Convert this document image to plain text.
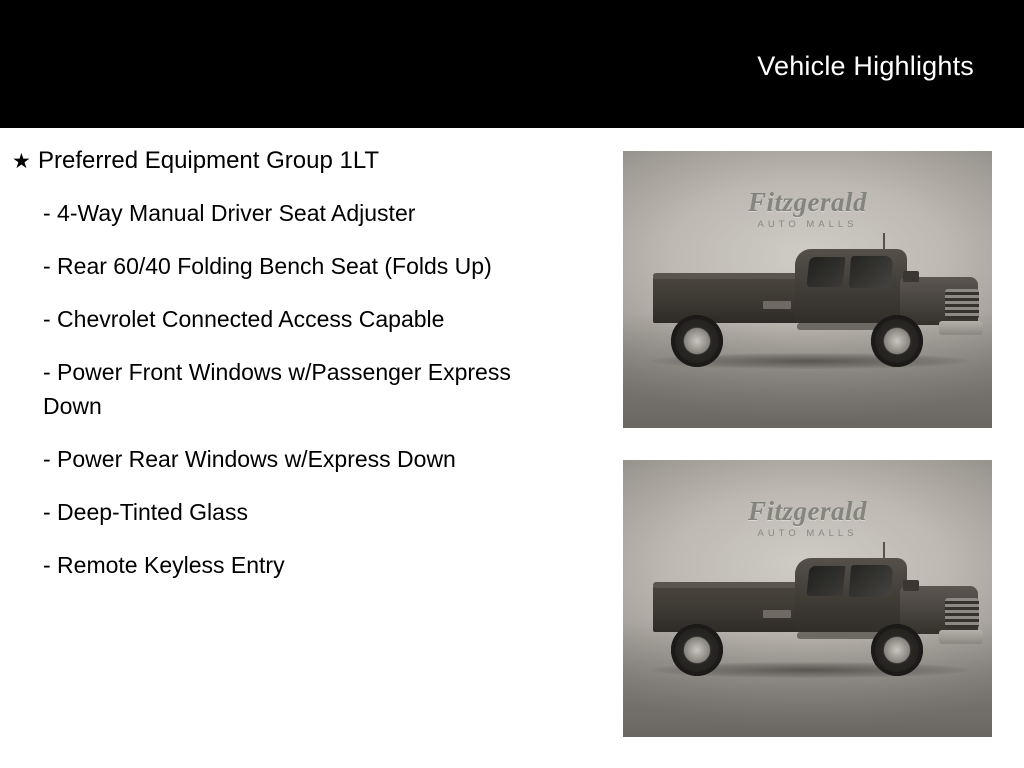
Vehicle Highlights
★ Preferred Equipment Group 1LT
- 4-Way Manual Driver Seat Adjuster
- Rear 60/40 Folding Bench Seat (Folds Up)
- Chevrolet Connected Access Capable
- Power Front Windows w/Passenger Express Down
- Power Rear Windows w/Express Down
- Deep-Tinted Glass
- Remote Keyless Entry
Fitzgerald
AUTO MALLS
Fitzgerald
AUTO MALLS
